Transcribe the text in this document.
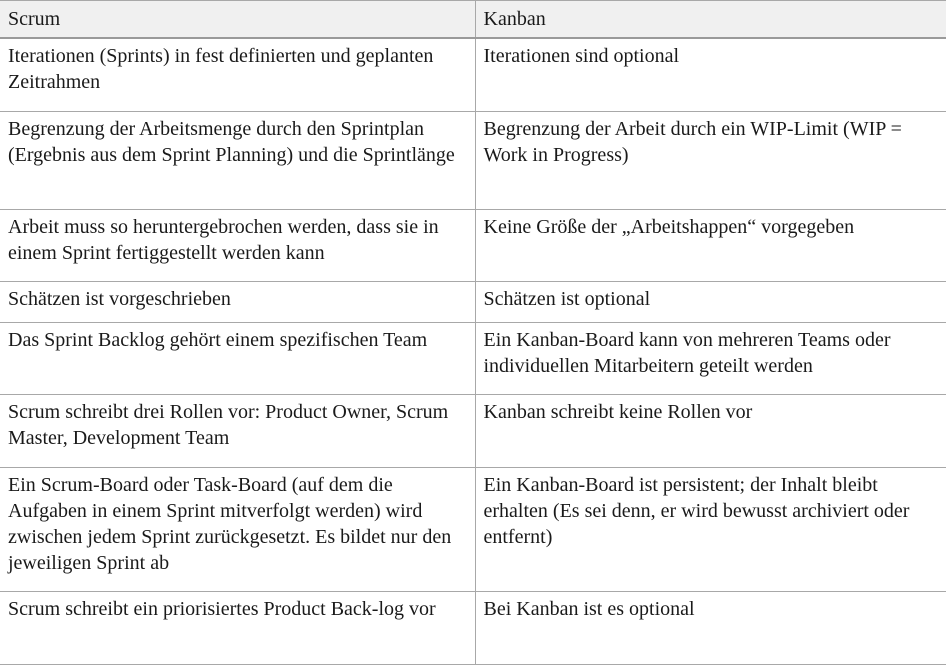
Scrum	Kanban
Iterationen (Sprints) in fest definierten und geplanten Zeitrahmen	Iterationen sind optional
Begrenzung der Arbeitsmenge durch den Sprintplan (Ergebnis aus dem Sprint Planning) und die Sprintlänge	Begrenzung der Arbeit durch ein WIP-Limit (WIP = Work in Progress)
Arbeit muss so heruntergebrochen werden, dass sie in einem Sprint fertiggestellt werden kann	Keine Größe der „Arbeitshappen“ vorgegeben
Schätzen ist vorgeschrieben	Schätzen ist optional
Das Sprint Backlog gehört einem spezifischen Team	Ein Kanban-Board kann von mehreren Teams oder individuellen Mitarbeitern geteilt werden
Scrum schreibt drei Rollen vor: Product Owner, Scrum Master, Development Team	Kanban schreibt keine Rollen vor
Ein Scrum-Board oder Task-Board (auf dem die Aufgaben in einem Sprint mitverfolgt werden) wird zwischen jedem Sprint zurückgesetzt. Es bildet nur den jeweiligen Sprint ab	Ein Kanban-Board ist persistent; der Inhalt bleibt erhalten (Es sei denn, er wird bewusst archiviert oder entfernt)
Scrum schreibt ein priorisiertes Product Back-log vor	Bei Kanban ist es optional
